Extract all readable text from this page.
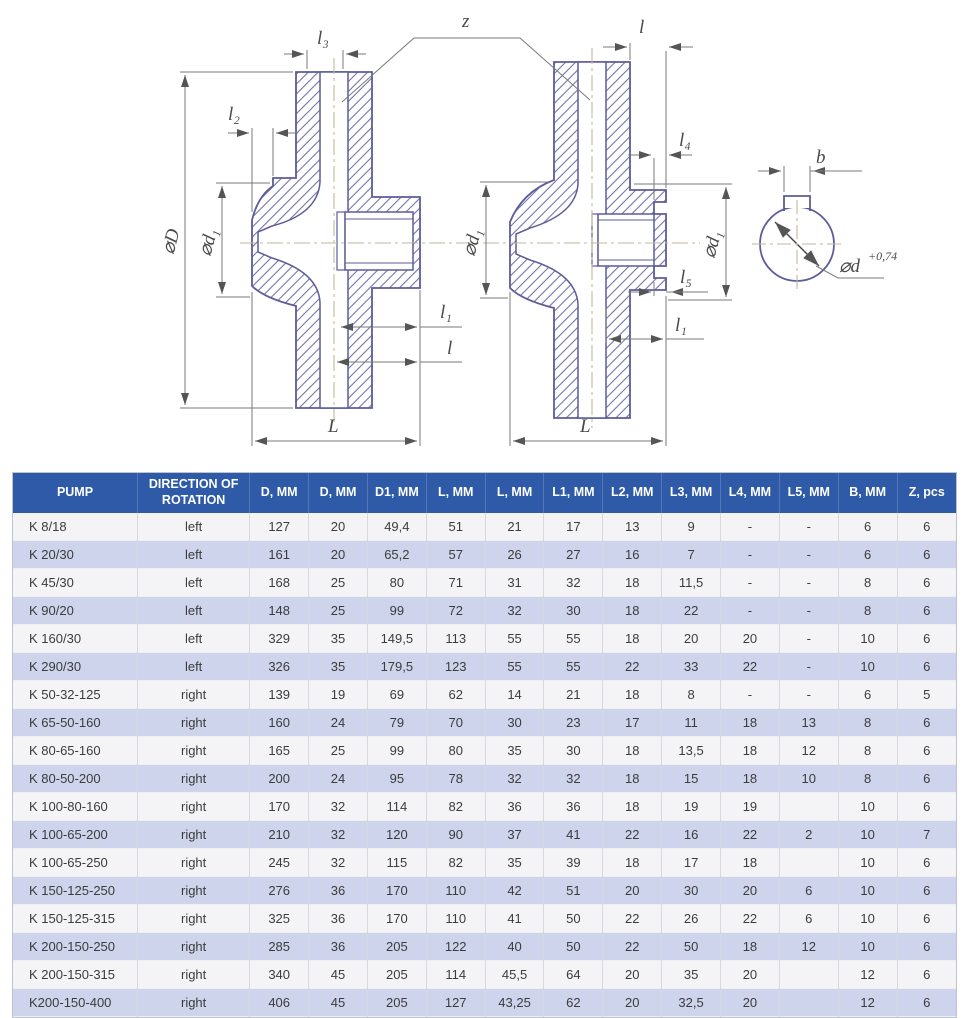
l₃
l₂
z	l
l₄
b
⌀D ⌀d₁	⌀d₁	⌀d₁
l₁
l
L
l₅
l₁
L
⌀d +0,74
PUMP	DIRECTION OF ROTATION	D, MM	D, MM	D1, MM	L, MM	L, MM	L1, MM	L2, MM	L3, MM	L4, MM	L5, MM	B, MM	Z, pcs
K 8/18	left	127	20	49,4	51	21	17	13	9	-	-	6	6
K 20/30	left	161	20	65,2	57	26	27	16	7	-	-	6	6
K 45/30	left	168	25	80	71	31	32	18	11,5	-	-	8	6
K 90/20	left	148	25	99	72	32	30	18	22	-	-	8	6
K 160/30	left	329	35	149,5	113	55	55	18	20	20	-	10	6
K 290/30	left	326	35	179,5	123	55	55	22	33	22	-	10	6
K 50-32-125	right	139	19	69	62	14	21	18	8	-	-	6	5
K 65-50-160	right	160	24	79	70	30	23	17	11	18	13	8	6
K 80-65-160	right	165	25	99	80	35	30	18	13,5	18	12	8	6
K 80-50-200	right	200	24	95	78	32	32	18	15	18	10	8	6
K 100-80-160	right	170	32	114	82	36	36	18	19	19		10	6
K 100-65-200	right	210	32	120	90	37	41	22	16	22	2	10	7
K 100-65-250	right	245	32	115	82	35	39	18	17	18		10	6
K 150-125-250	right	276	36	170	110	42	51	20	30	20	6	10	6
K 150-125-315	right	325	36	170	110	41	50	22	26	22	6	10	6
K 200-150-250	right	285	36	205	122	40	50	22	50	18	12	10	6
K 200-150-315	right	340	45	205	114	45,5	64	20	35	20		12	6
K200-150-400	right	406	45	205	127	43,25	62	20	32,5	20		12	6
